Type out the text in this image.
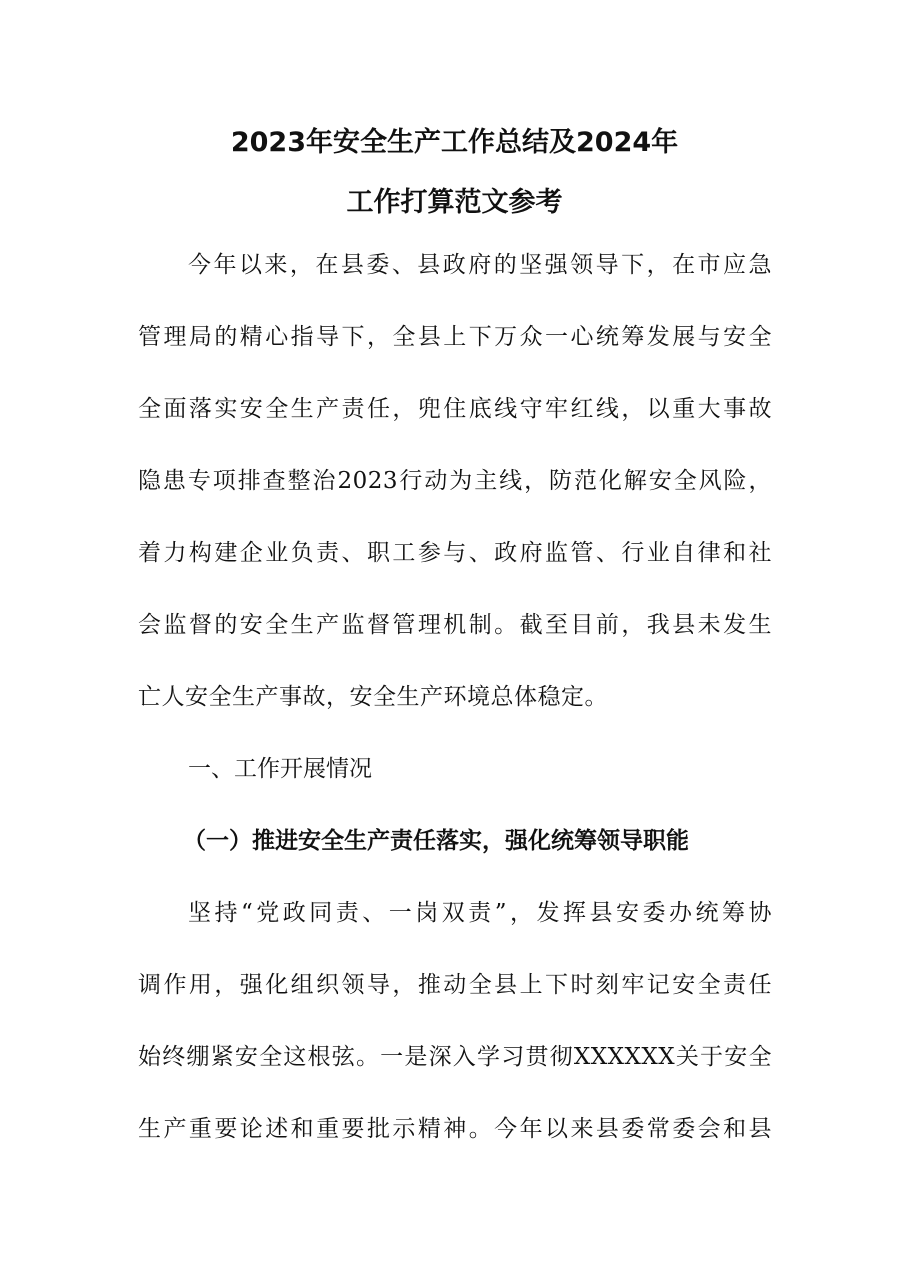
2023年安全生产工作总结及2024年
工作打算范文参考
今年以来，在县委、县政府的坚强领导下，在市应急
管理局的精心指导下，全县上下万众一心统筹发展与安全
全面落实安全生产责任，兜住底线守牢红线，以重大事故
隐患专项排查整治2023行动为主线，防范化解安全风险，
着力构建企业负责、职工参与、政府监管、行业自律和社
会监督的安全生产监督管理机制。截至目前，我县未发生
亡人安全生产事故，安全生产环境总体稳定。
一、工作开展情况
（一）推进安全生产责任落实，强化统筹领导职能
坚持“党政同责、一岗双责”，发挥县安委办统筹协
调作用，强化组织领导，推动全县上下时刻牢记安全责任
始终绷紧安全这根弦。一是深入学习贯彻XXXXXX关于安全
生产重要论述和重要批示精神。今年以来县委常委会和县
